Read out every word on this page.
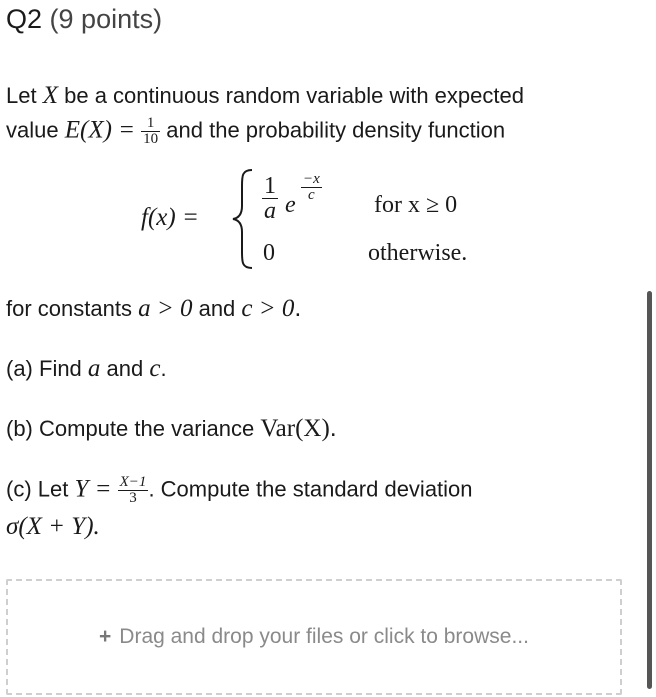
Q2 (9 points)
Let X be a continuous random variable with expected
value $E(X) = \frac{1}{10}$ and the probability density function
f(x) =	$\frac{1}{a}$ e
$\frac{-x}{c}$
for x ≥ 0
0	otherwise.
for constants a > 0 and c > 0.
(a) Find a and c.
(b) Compute the variance Var(X).
(c) Let $Y = \frac{X-1}{3}$ . Compute the standard deviation
σ(X + Y).
+ Drag and drop your files or click to browse...
